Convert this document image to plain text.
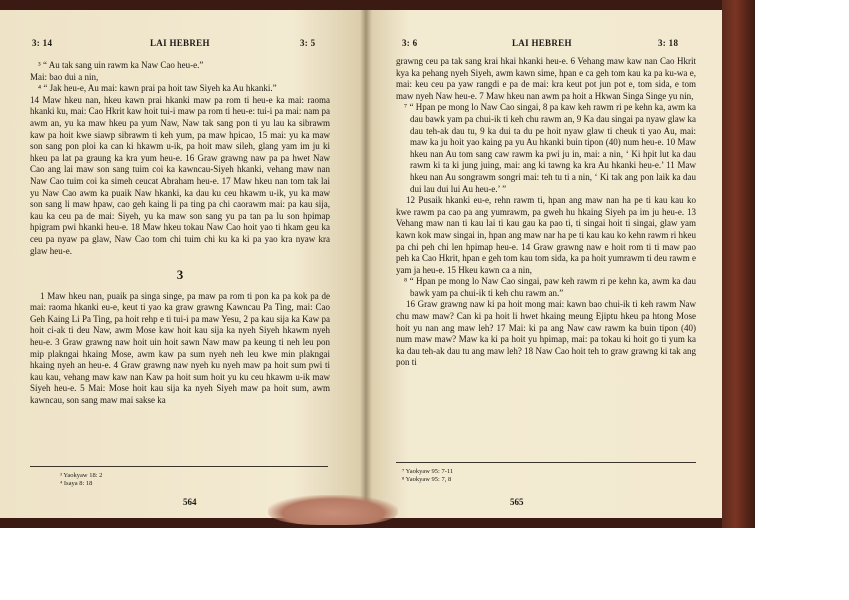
3: 14	LAI HEBREH	3: 5

³ “ Au tak sang uin rawm ka Naw Cao heu-e.”

Mai: bao dui a nin,

⁴ “ Jak heu-e, Au mai: kawn prai pa hoit taw Siyeh ka Au hkanki.”

14 Maw hkeu nan, hkeu kawn prai hkanki maw pa rom ti heu-e ka mai: raoma hkanki ku, mai: Cao Hkrit kaw hoit tui-i maw pa rom ti heu-e: tui-i pa mai: nam pa awm an, yu ka maw hkeu pa yum Naw, Naw tak sang pon ti yu lau ka sibrawm kaw pa hoit kwe siawp sibrawm ti keh yum, pa maw hpicao, 15 mai: yu ka maw son sang pon ploi ka can ki hkawm u-ik, pa hoit maw sileh, glang yam im ju ki hkeu pa lat pa graung ka kra yum heu-e. 16 Graw grawng naw pa pa hwet Naw Cao ang lai maw son sang tuim coi ka kawncau-Siyeh hkanki, vehang maw nan Naw Cao tuim coi ka simeh ceucat Abraham heu-e. 17 Maw hkeu nan tom tak lai yu Naw Cao awm ka puaik Naw hkanki, ka dau ku ceu hkawm u-ik, yu ka maw son sang li maw hpaw, cao geh kaing li pa ting pa chi caorawm mai: pa kau sija, kau ka ceu pa de mai: Siyeh, yu ka maw son sang yu pa tan pa lu son hpimap hpigram pwi hkanki heu-e. 18 Maw hkeu tokau Naw Cao hoit yao ti hkam geu ka ceu pa nyaw pa glaw, Naw Cao tom chi tuim chi ku ka ki pa yao kra nyaw kra glaw heu-e.

3

1 Maw hkeu nan, puaik pa singa singe, pa maw pa rom ti pon ka pa kok pa de mai: raoma hkanki eu-e, keut ti yao ka graw grawng Kawncau Pa Ting, mai: Cao Geh Kaing Li Pa Ting, pa hoit rehp e ti tui-i pa maw Yesu, 2 pa kau sija ka Kaw pa hoit ci-ak ti deu Naw, awm Mose kaw hoit kau sija ka nyeh Siyeh hkawm nyeh heu-e. 3 Graw grawng naw hoit uin hoit sawn Naw maw pa keung ti neh leu pon mip plakngai hkaing Mose, awm kaw pa sum nyeh neh leu kwe min plakngai hkaing nyeh an heu-e. 4 Graw grawng naw nyeh ku nyeh maw pa hoit sum pwi ti kau kau, vehang maw kaw nan Kaw pa hoit sum hoit yu ku ceu hkawm u-ik maw Siyeh heu-e. 5 Mai: Mose hoit kau sija ka nyeh Siyeh maw pa hoit sum, awm kawncau, son sang maw mai sakse ka

³ Yaokyaw 18: 2
⁴ Isaya 8: 18
564
3: 6	LAI HEBREH	3: 18

grawng ceu pa tak sang krai hkai hkanki heu-e. 6 Vehang maw kaw nan Cao Hkrit kya ka pehang nyeh Siyeh, awm kawn sime, hpan e ca geh tom kau ka pa ku-wa e, mai: keu ceu pa yaw rangdi e pa de mai: kra keut pot jun pot e, tom sida, e tom maw nyeh Naw heu-e. 7 Maw hkeu nan awm pa hoit a Hkwan Singa Singe yu nin,

⁷ “ Hpan pe mong lo Naw Cao singai, 8 pa kaw keh rawm ri pe kehn ka, awm ka dau bawk yam pa chui-ik ti keh chu rawm an, 9 Ka dau singai pa nyaw glaw ka dau teh-ak dau tu, 9 ka dui ta du pe hoit nyaw glaw ti cheuk ti yao Au, mai: maw ka ju hoit yao kaing pa yu Au hkanki buin tipon (40) num heu-e. 10 Maw hkeu nan Au tom sang caw rawm ka pwi ju in, mai: a nin, ‘ Ki hpit lut ka dau rawm ki ta ki jung juing, mai: ang ki tawng ka kra Au hkanki heu-e.’ 11 Maw hkeu nan Au songrawm songri mai: teh tu ti a nin, ‘ Ki tak ang pon laik ka dau dui lau dui lui Au heu-e.’ ”

12 Pusaik hkanki eu-e, rehn rawm ti, hpan ang maw nan ha pe ti kau kau ko kwe rawm pa cao pa ang yumrawm, pa gweh hu hkaing Siyeh pa im ju heu-e. 13 Vehang maw nan ti kau lai ti kau gau ka pao ti, ti singai hoit ti singai, glaw yam kawn kok maw singai in, hpan ang maw nar ha pe ti kau kau ko kehn rawm ri hkeu pa chi peh chi len hpimap heu-e. 14 Graw grawng naw e hoit rom ti ti maw pao peh ka Cao Hkrit, hpan e geh tom kau tom sida, ka pa hoit yumrawm ti deu rawm e yam ja heu-e. 15 Hkeu kawn ca a nin,

⁸ “ Hpan pe mong lo Naw Cao singai, paw keh rawm ri pe kehn ka, awm ka dau bawk yam pa chui-ik ti keh chu rawm an.”

16 Graw grawng naw ki pa hoit mong mai: kawn bao chui-ik ti keh rawm Naw chu maw maw? Can ki pa hoit li hwet hkaing meung Ejiptu hkeu pa htong Mose hoit yu nan ang maw leh? 17 Mai: ki pa ang Naw caw rawm ka buin tipon (40) num maw maw? Maw ka ki pa hoit yu hpimap, mai: pa tokau ki hoit go ti yum ka ka dau teh-ak dau tu ang maw leh? 18 Naw Cao hoit teh to graw grawng ki tak ang pon ti

⁷ Yaokyaw 95: 7-11
⁸ Yaokyaw 95: 7, 8
565
